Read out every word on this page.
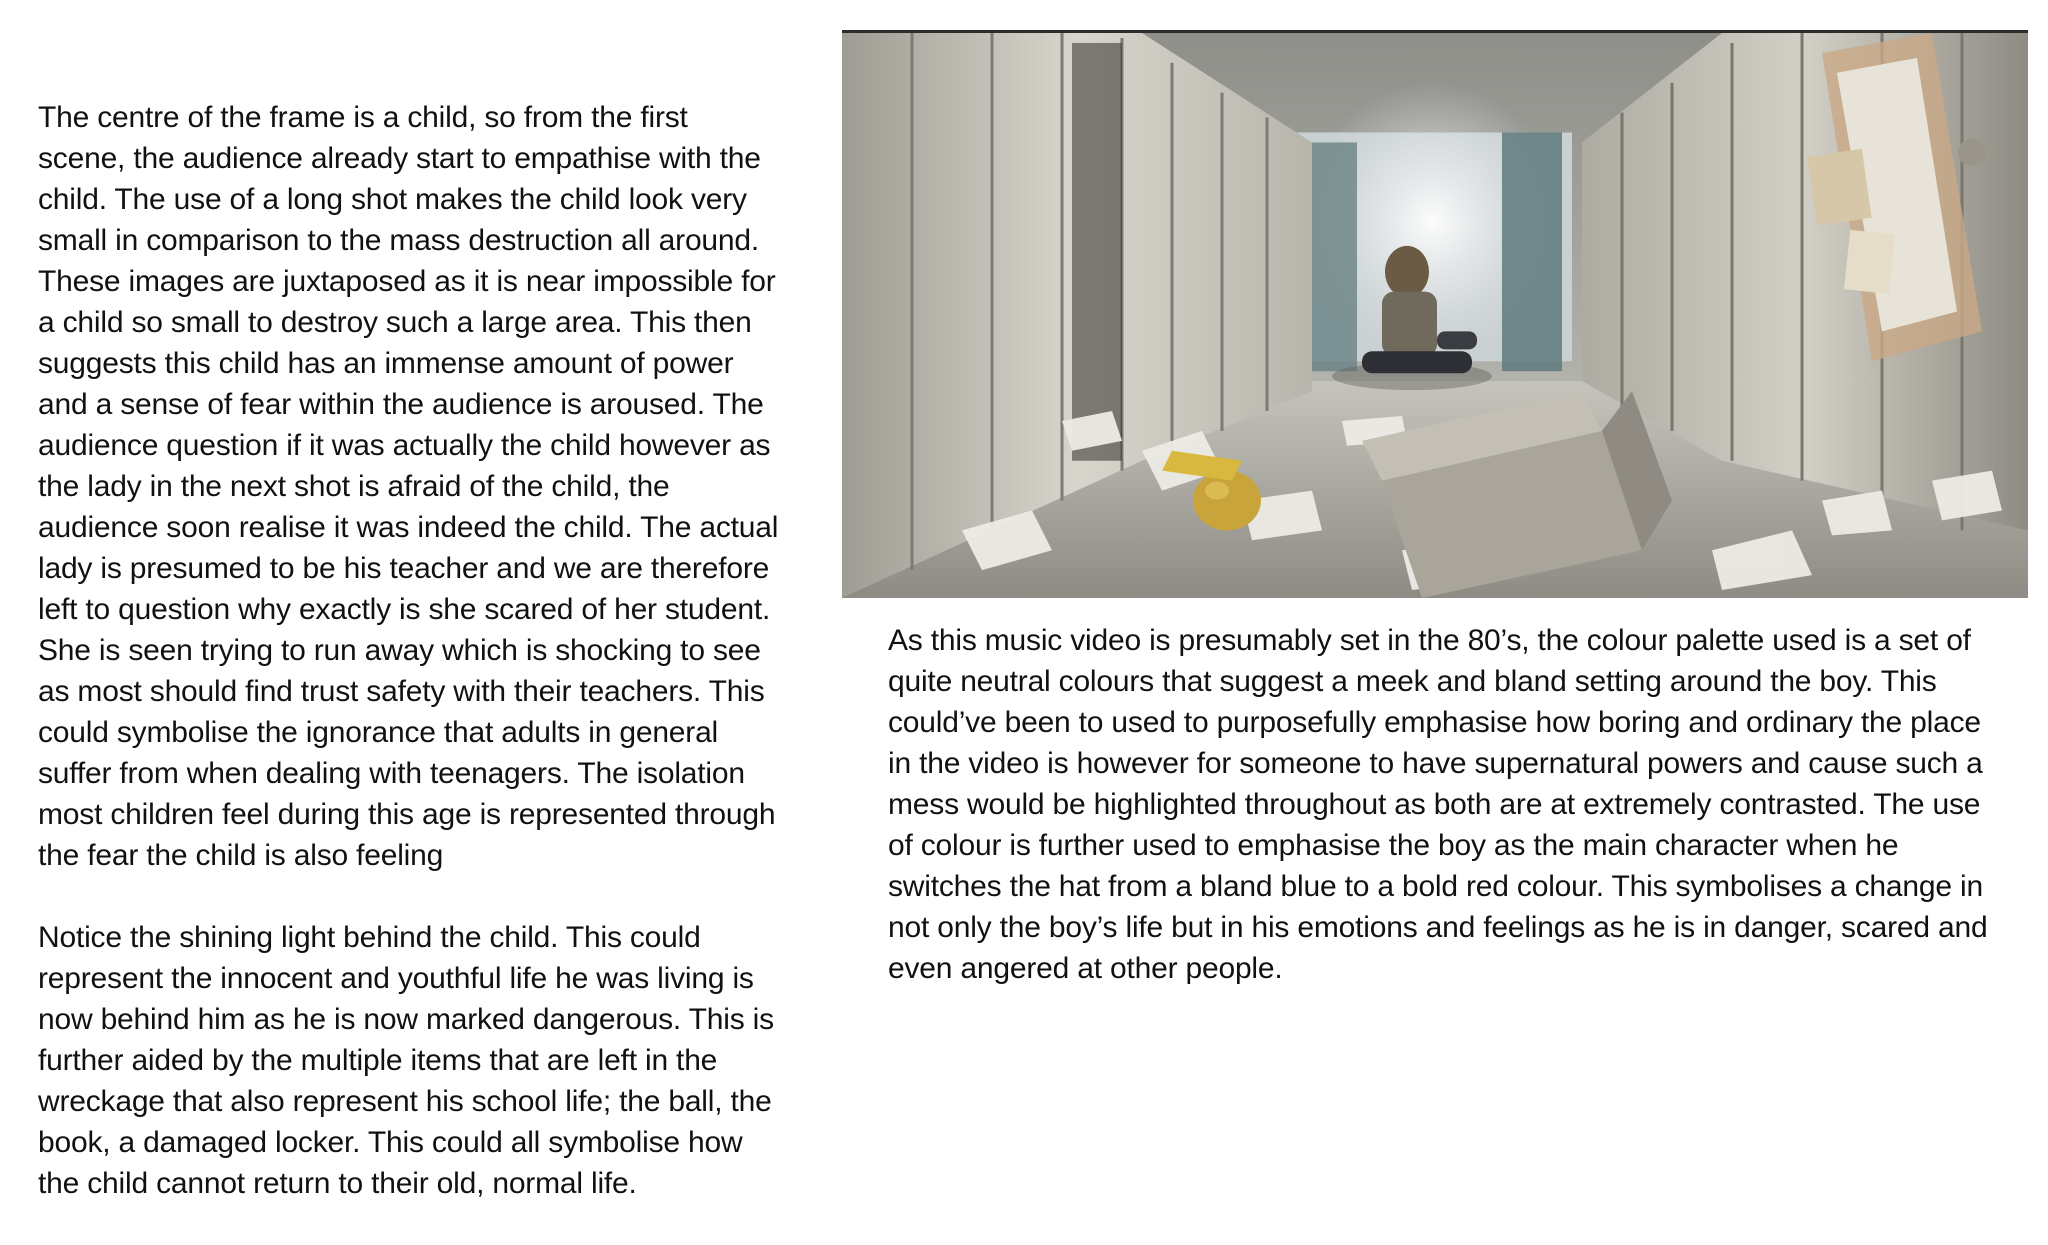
The centre of the frame is a child, so from the first
scene, the audience already start to empathise with the
child. The use of a long shot makes the child look very
small in comparison to the mass destruction all around.
These images are juxtaposed as it is near impossible for
a child so small to destroy such a large area. This then
suggests this child has an immense amount of power
and a sense of fear within the audience is aroused. The
audience question if it was actually the child however as
the lady in the next shot is afraid of the child, the
audience soon realise it was indeed the child. The actual
lady is presumed to be his teacher and we are therefore
left to question why exactly is she scared of her student.
She is seen trying to run away which is shocking to see
as most should find trust safety with their teachers. This
could symbolise the ignorance that adults in general
suffer from when dealing with teenagers. The isolation
most children feel during this age is represented through
the fear the child is also feeling

Notice the shining light behind the child. This could
represent the innocent and youthful life he was living is
now behind him as he is now marked dangerous. This is
further aided by the multiple items that are left in the
wreckage that also represent his school life; the ball, the
book, a damaged locker. This could all symbolise how
the child cannot return to their old, normal life.

As this music video is presumably set in the 80’s, the colour palette used is a set of quite neutral colours that suggest a meek and bland setting around the boy. This could’ve been to used to purposefully emphasise how boring and ordinary the place in the video is however for someone to have supernatural powers and cause such a mess would be highlighted throughout as both are at extremely contrasted. The use of colour is further used to emphasise the boy as the main character when he switches the hat from a bland blue to a bold red colour. This symbolises a change in not only the boy’s life but in his emotions and feelings as he is in danger, scared and even angered at other people.
